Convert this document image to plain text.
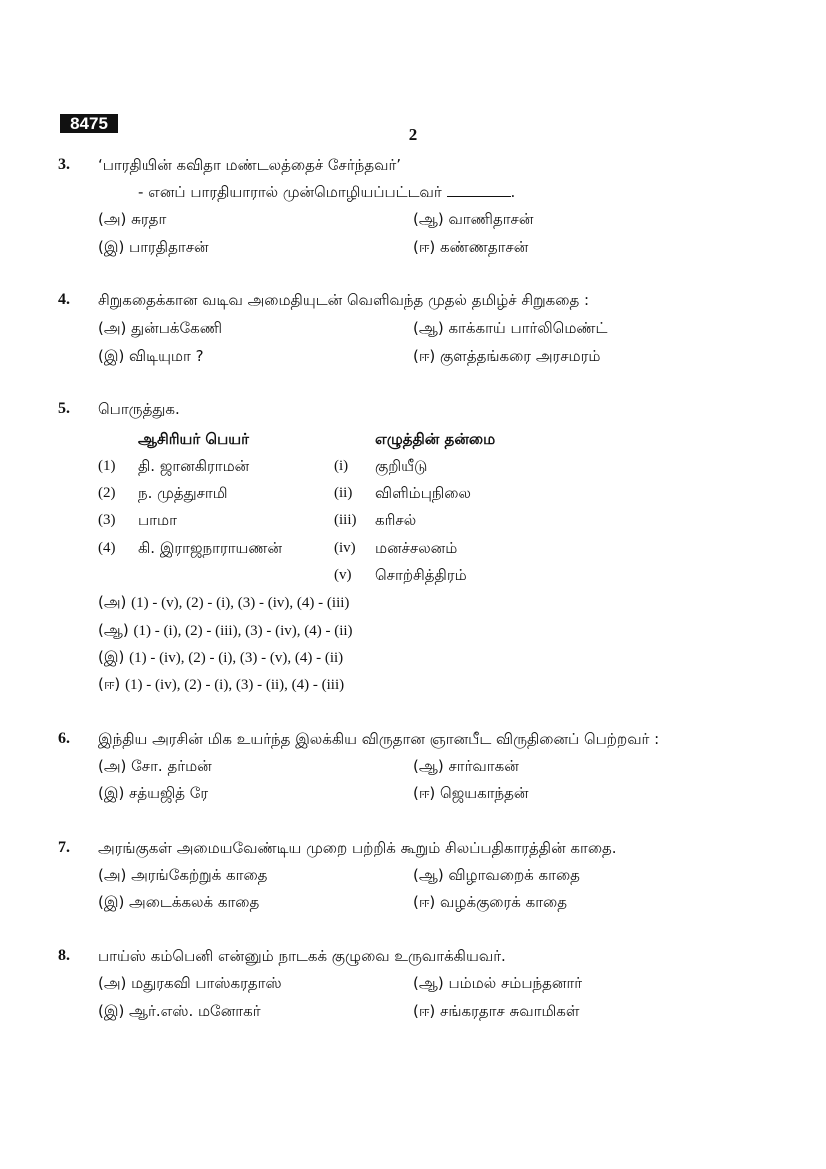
8475
2
3. ‘பாரதியின் கவிதா மண்டலத்தைச் சேர்ந்தவர்’
- எனப் பாரதியாரால் முன்மொழியப்பட்டவர்	.
(அ) சுரதா	(ஆ) வாணிதாசன்
(இ) பாரதிதாசன்	(ஈ) கண்ணதாசன்
4. சிறுகதைக்கான வடிவ அமைதியுடன் வெளிவந்த முதல் தமிழ்ச் சிறுகதை :
(அ) துன்பக்கேணி	(ஆ) காக்காய் பார்லிமெண்ட்
(இ) விடியுமா ?	(ஈ) குளத்தங்கரை அரசமரம்
5. பொருத்துக.
ஆசிரியர் பெயர்	எழுத்தின் தன்மை
(1) தி. ஜானகிராமன்	(i) குறியீடு
(2) ந. முத்துசாமி	(ii) விளிம்புநிலை
(3) பாமா	(iii) கரிசல்
(4) கி. இராஜநாராயணன்	(iv) மனச்சலனம்
(v) சொற்சித்திரம்
(அ) (1) - (v), (2) - (i), (3) - (iv), (4) - (iii)
(ஆ) (1) - (i), (2) - (iii), (3) - (iv), (4) - (ii)
(இ) (1) - (iv), (2) - (i), (3) - (v), (4) - (ii)
(ஈ) (1) - (iv), (2) - (i), (3) - (ii), (4) - (iii)
6. இந்திய அரசின் மிக உயர்ந்த இலக்கிய விருதான ஞானபீட விருதினைப் பெற்றவர் :
(அ) சோ. தர்மன்	(ஆ) சார்வாகன்
(இ) சத்யஜித் ரே	(ஈ) ஜெயகாந்தன்
7. அரங்குகள் அமையவேண்டிய முறை பற்றிக் கூறும் சிலப்பதிகாரத்தின் காதை.
(அ) அரங்கேற்றுக் காதை	(ஆ) விழாவறைக் காதை
(இ) அடைக்கலக் காதை	(ஈ) வழக்குரைக் காதை
8. பாய்ஸ் கம்பெனி என்னும் நாடகக் குழுவை உருவாக்கியவர்.
(அ) மதுரகவி பாஸ்கரதாஸ்	(ஆ) பம்மல் சம்பந்தனார்
(இ) ஆர்.எஸ். மனோகர்	(ஈ) சங்கரதாச சுவாமிகள்
